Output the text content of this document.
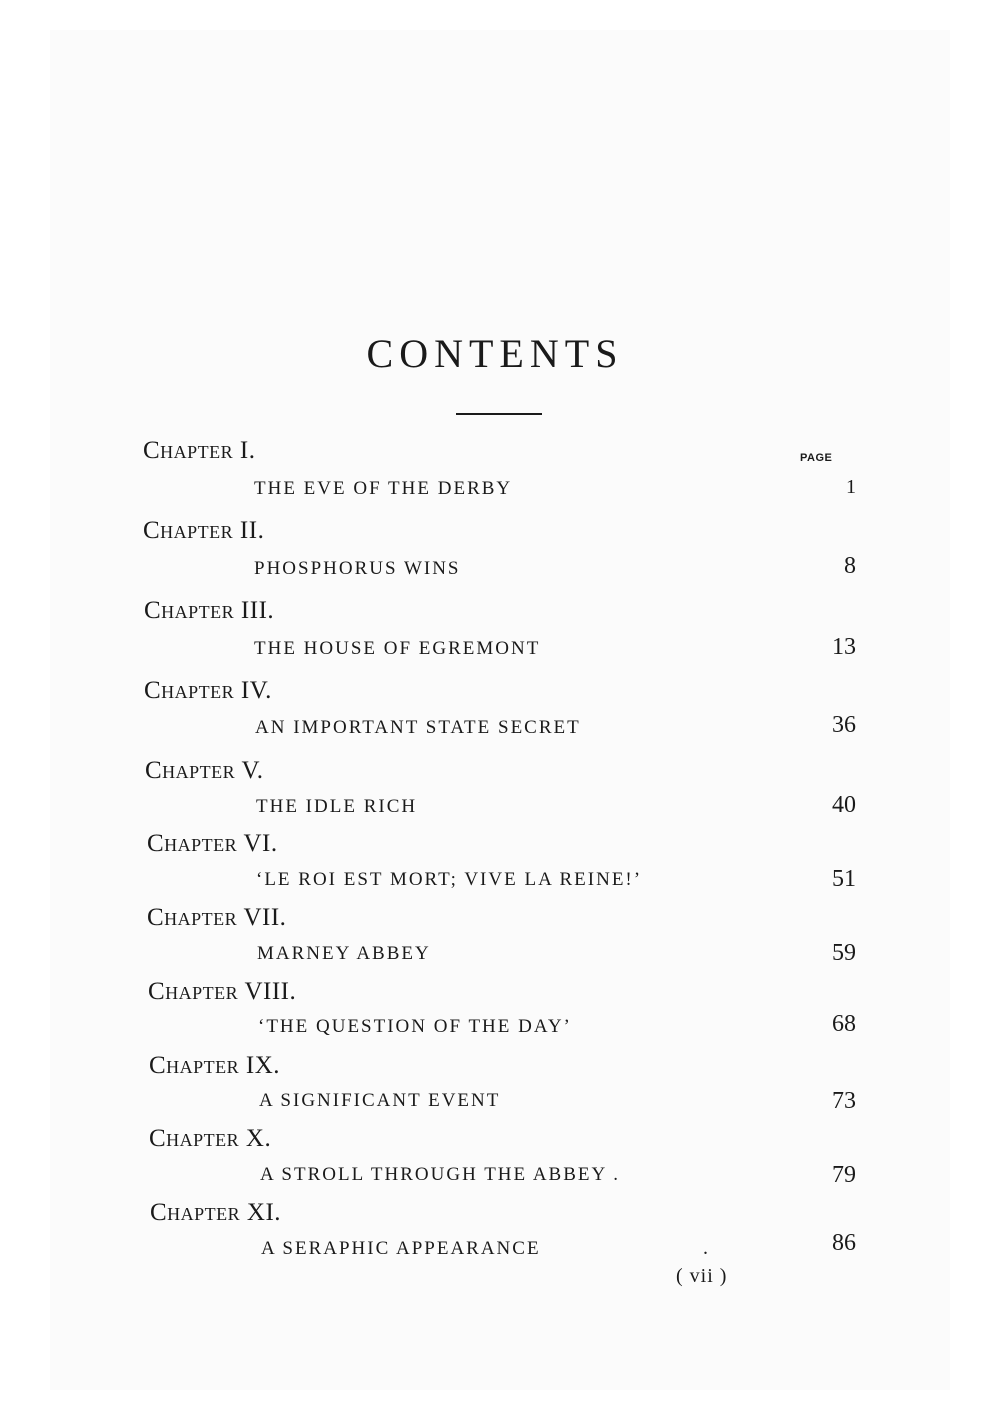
CONTENTS
PAGE
Chapter I.
THE EVE OF THE DERBY	1
Chapter II.
PHOSPHORUS WINS	8
Chapter III.
THE HOUSE OF EGREMONT	13
Chapter IV.
AN IMPORTANT STATE SECRET	36
Chapter V.
THE IDLE RICH	40
Chapter VI.
‘LE ROI EST MORT; VIVE LA REINE!’	51
Chapter VII.
MARNEY ABBEY	59
Chapter VIII.
‘THE QUESTION OF THE DAY’	68
Chapter IX.
A SIGNIFICANT EVENT	73
Chapter X.
A STROLL THROUGH THE ABBEY .	79
Chapter XI.
A SERAPHIC APPEARANCE	86
.
( vii )
